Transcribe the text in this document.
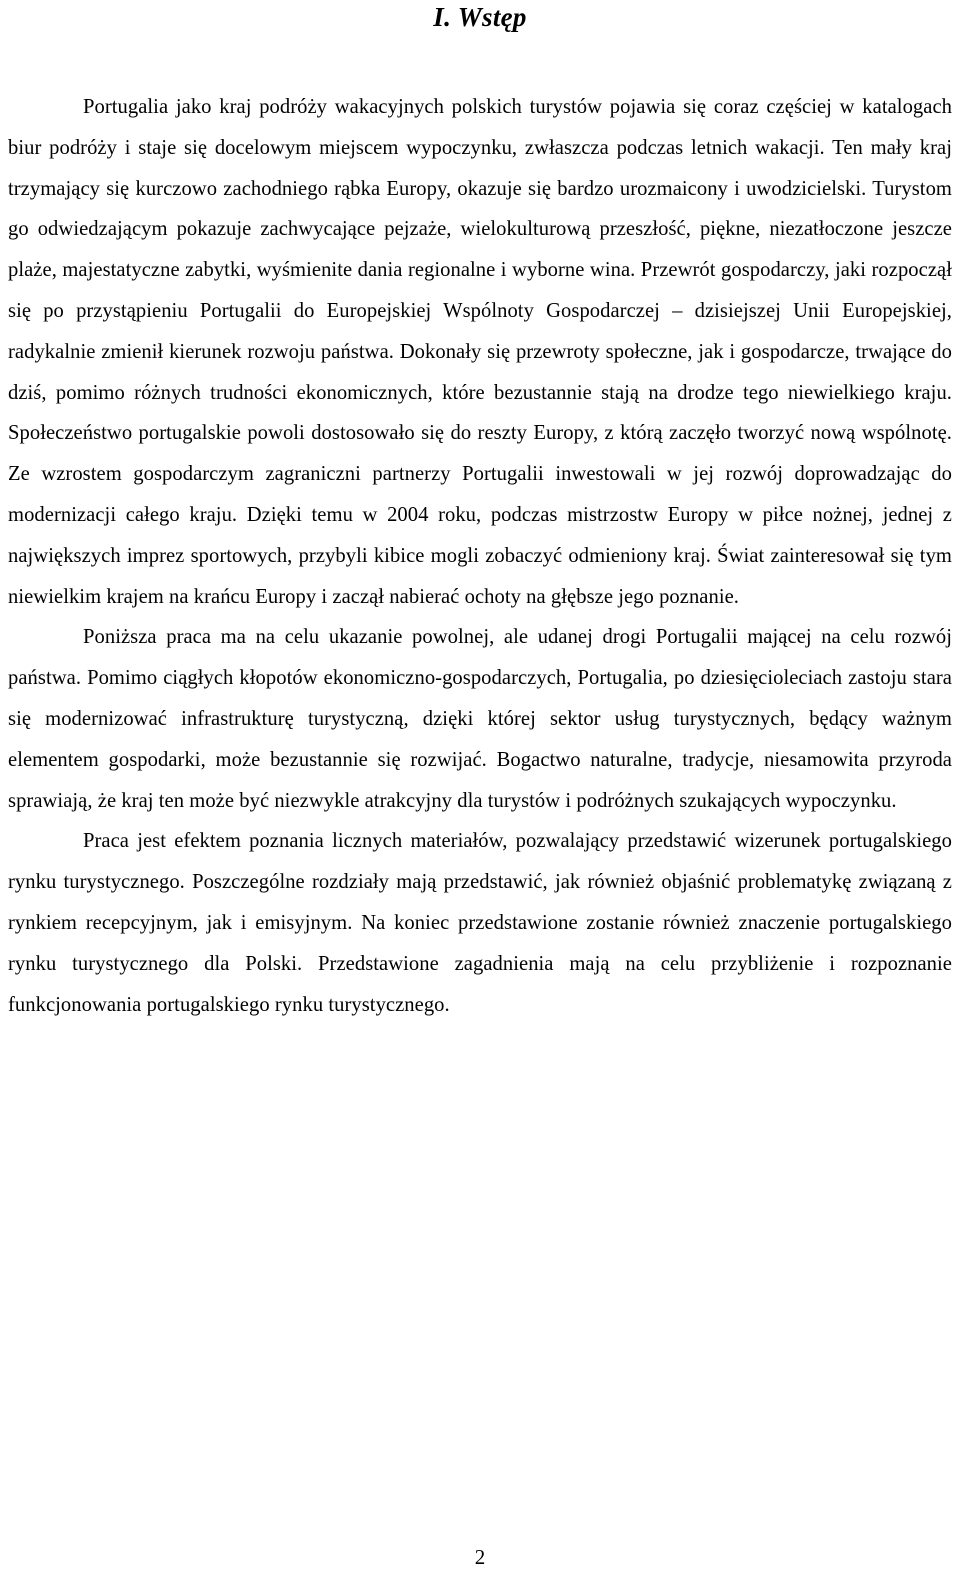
I. Wstęp

Portugalia jako kraj podróży wakacyjnych polskich turystów pojawia się coraz częściej w katalogach biur podróży i staje się docelowym miejscem wypoczynku, zwłaszcza podczas letnich wakacji. Ten mały kraj trzymający się kurczowo zachodniego rąbka Europy, okazuje się bardzo urozmaicony i uwodzicielski. Turystom go odwiedzającym pokazuje zachwycające pejzaże, wielokulturową przeszłość, piękne, niezatłoczone jeszcze plaże, majestatyczne zabytki, wyśmienite dania regionalne i wyborne wina. Przewrót gospodarczy, jaki rozpoczął się po przystąpieniu Portugalii do Europejskiej Wspólnoty Gospodarczej – dzisiejszej Unii Europejskiej, radykalnie zmienił kierunek rozwoju państwa. Dokonały się przewroty społeczne, jak i gospodarcze, trwające do dziś, pomimo różnych trudności ekonomicznych, które bezustannie stają na drodze tego niewielkiego kraju. Społeczeństwo portugalskie powoli dostosowało się do reszty Europy, z którą zaczęło tworzyć nową wspólnotę. Ze wzrostem gospodarczym zagraniczni partnerzy Portugalii inwestowali w jej rozwój doprowadzając do modernizacji całego kraju. Dzięki temu w 2004 roku, podczas mistrzostw Europy w piłce nożnej, jednej z największych imprez sportowych, przybyli kibice mogli zobaczyć odmieniony kraj. Świat zainteresował się tym niewielkim krajem na krańcu Europy i zaczął nabierać ochoty na głębsze jego poznanie.

Poniższa praca ma na celu ukazanie powolnej, ale udanej drogi Portugalii mającej na celu rozwój państwa. Pomimo ciągłych kłopotów ekonomiczno-gospodarczych, Portugalia, po dziesięcioleciach zastoju stara się modernizować infrastrukturę turystyczną, dzięki której sektor usług turystycznych, będący ważnym elementem gospodarki, może bezustannie się rozwijać. Bogactwo naturalne, tradycje, niesamowita przyroda sprawiają, że kraj ten może być niezwykle atrakcyjny dla turystów i podróżnych szukających wypoczynku.

Praca jest efektem poznania licznych materiałów, pozwalający przedstawić wizerunek portugalskiego rynku turystycznego. Poszczególne rozdziały mają przedstawić, jak również objaśnić problematykę związaną z rynkiem recepcyjnym, jak i emisyjnym. Na koniec przedstawione zostanie również znaczenie portugalskiego rynku turystycznego dla Polski. Przedstawione zagadnienia mają na celu przybliżenie i rozpoznanie funkcjonowania portugalskiego rynku turystycznego.

2
